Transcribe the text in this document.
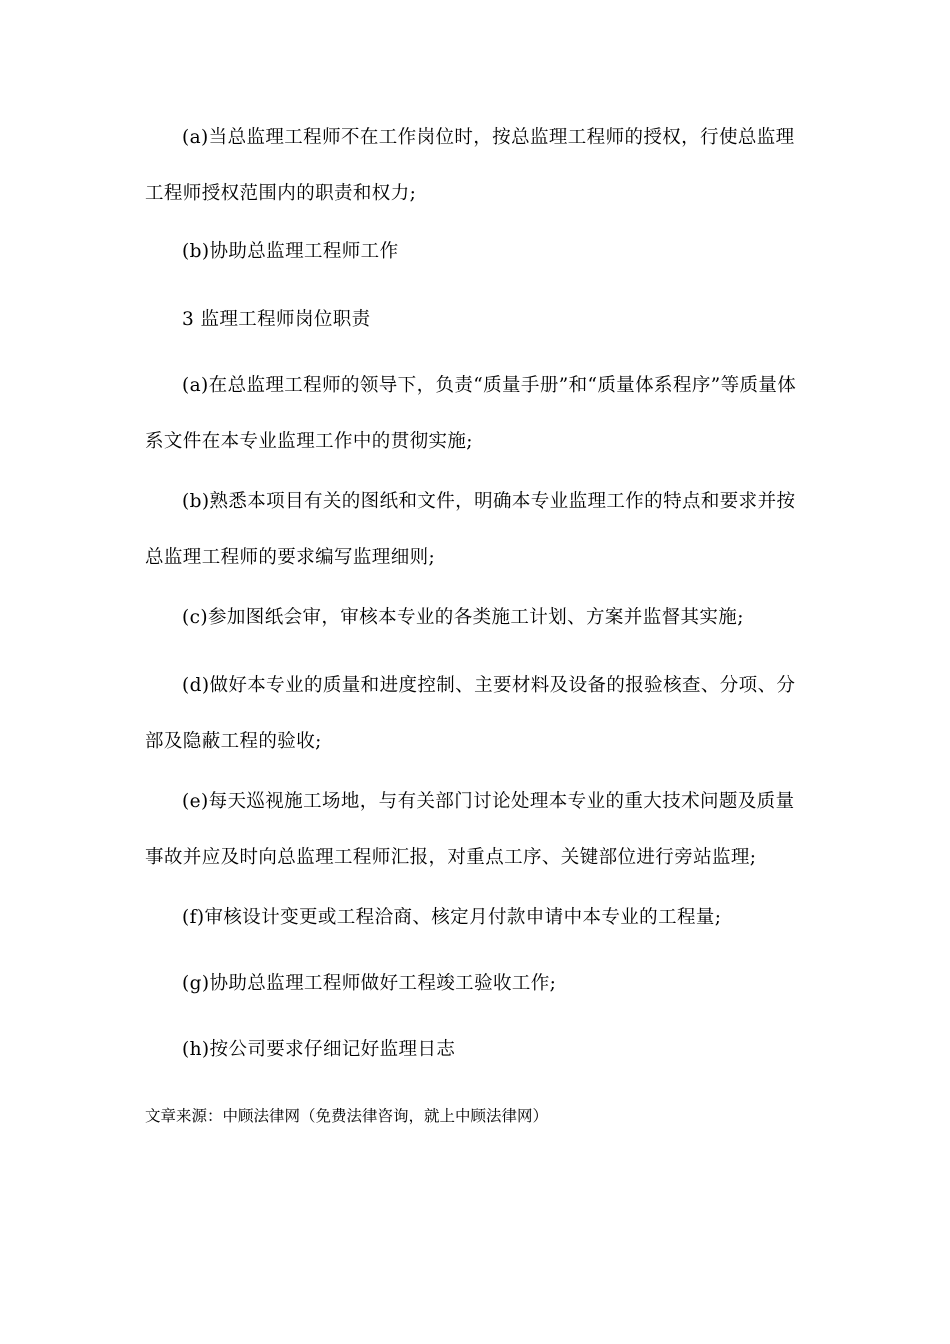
(a)当总监理工程师不在工作岗位时，按总监理工程师的授权，行使总监理工程师授权范围内的职责和权力;

(b)协助总监理工程师工作

3 监理工程师岗位职责

(a)在总监理工程师的领导下，负责“质量手册”和“质量体系程序”等质量体系文件在本专业监理工作中的贯彻实施;

(b)熟悉本项目有关的图纸和文件，明确本专业监理工作的特点和要求并按总监理工程师的要求编写监理细则;

(c)参加图纸会审，审核本专业的各类施工计划、方案并监督其实施;

(d)做好本专业的质量和进度控制、主要材料及设备的报验核查、分项、分部及隐蔽工程的验收;

(e)每天巡视施工场地，与有关部门讨论处理本专业的重大技术问题及质量事故并应及时向总监理工程师汇报，对重点工序、关键部位进行旁站监理;

(f)审核设计变更或工程洽商、核定月付款申请中本专业的工程量;

(g)协助总监理工程师做好工程竣工验收工作;

(h)按公司要求仔细记好监理日志

文章来源：中顾法律网（免费法律咨询，就上中顾法律网）
